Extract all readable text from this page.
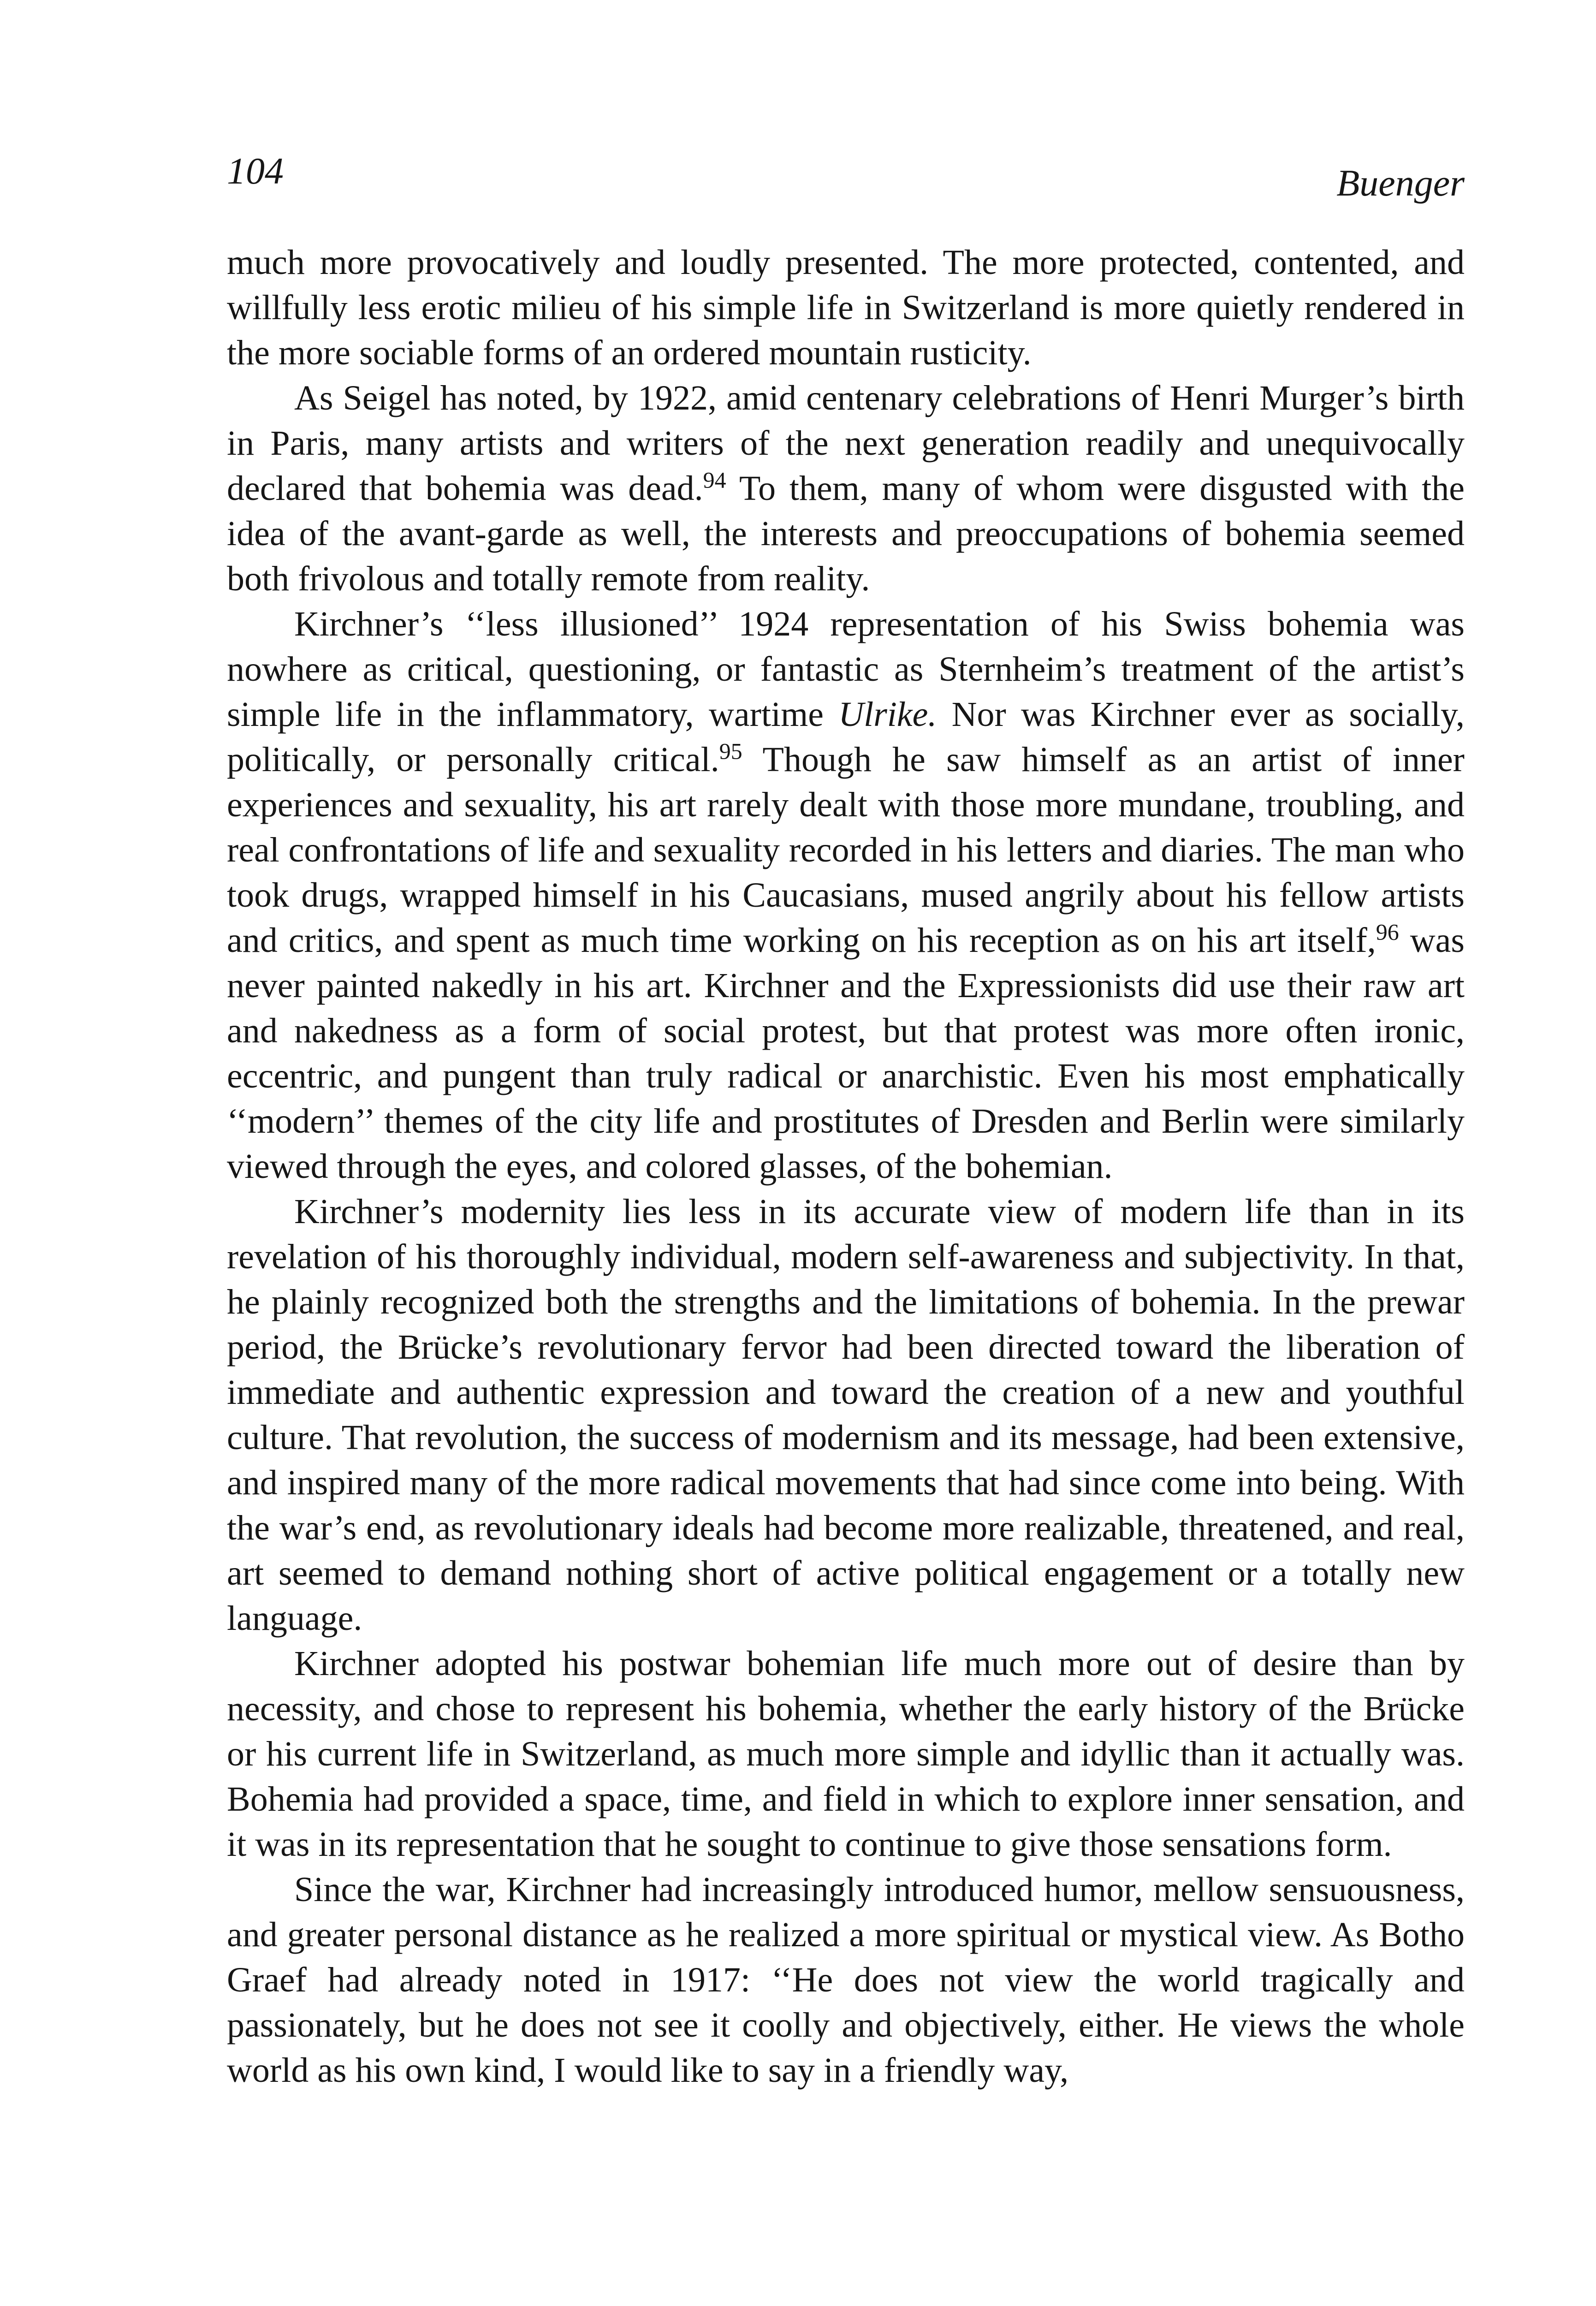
104	Buenger

much more provocatively and loudly presented. The more protected, contented, and willfully less erotic milieu of his simple life in Switzerland is more quietly rendered in the more sociable forms of an ordered mountain rusticity.

As Seigel has noted, by 1922, amid centenary celebrations of Henri Murger’s birth in Paris, many artists and writers of the next generation readily and unequivocally declared that bohemia was dead.$^{94}$ To them, many of whom were disgusted with the idea of the avant-garde as well, the interests and preoccupations of bohemia seemed both frivolous and totally remote from reality.

Kirchner’s ‘‘less illusioned’’ 1924 representation of his Swiss bohemia was nowhere as critical, questioning, or fantastic as Sternheim’s treatment of the artist’s simple life in the inflammatory, wartime Ulrike. Nor was Kirchner ever as socially, politically, or personally critical.$^{95}$ Though he saw himself as an artist of inner experiences and sexuality, his art rarely dealt with those more mundane, troubling, and real confrontations of life and sexuality recorded in his letters and diaries. The man who took drugs, wrapped himself in his Caucasians, mused angrily about his fellow artists and critics, and spent as much time working on his reception as on his art itself,$^{96}$ was never painted nakedly in his art. Kirchner and the Expressionists did use their raw art and nakedness as a form of social protest, but that protest was more often ironic, eccentric, and pungent than truly radical or anarchistic. Even his most emphatically ‘‘modern’’ themes of the city life and prostitutes of Dresden and Berlin were similarly viewed through the eyes, and colored glasses, of the bohemian.

Kirchner’s modernity lies less in its accurate view of modern life than in its revelation of his thoroughly individual, modern self-awareness and subjectivity. In that, he plainly recognized both the strengths and the limitations of bohemia. In the prewar period, the Brücke’s revolutionary fervor had been directed toward the liberation of immediate and authentic expression and toward the creation of a new and youthful culture. That revolution, the success of modernism and its message, had been extensive, and inspired many of the more radical movements that had since come into being. With the war’s end, as revolutionary ideals had become more realizable, threatened, and real, art seemed to demand nothing short of active political engagement or a totally new language.

Kirchner adopted his postwar bohemian life much more out of desire than by necessity, and chose to represent his bohemia, whether the early history of the Brücke or his current life in Switzerland, as much more simple and idyllic than it actually was. Bohemia had provided a space, time, and field in which to explore inner sensation, and it was in its representation that he sought to continue to give those sensations form.

Since the war, Kirchner had increasingly introduced humor, mellow sensuousness, and greater personal distance as he realized a more spiritual or mystical view. As Botho Graef had already noted in 1917: ‘‘He does not view the world tragically and passionately, but he does not see it coolly and objectively, either. He views the whole world as his own kind, I would like to say in a friendly way,
